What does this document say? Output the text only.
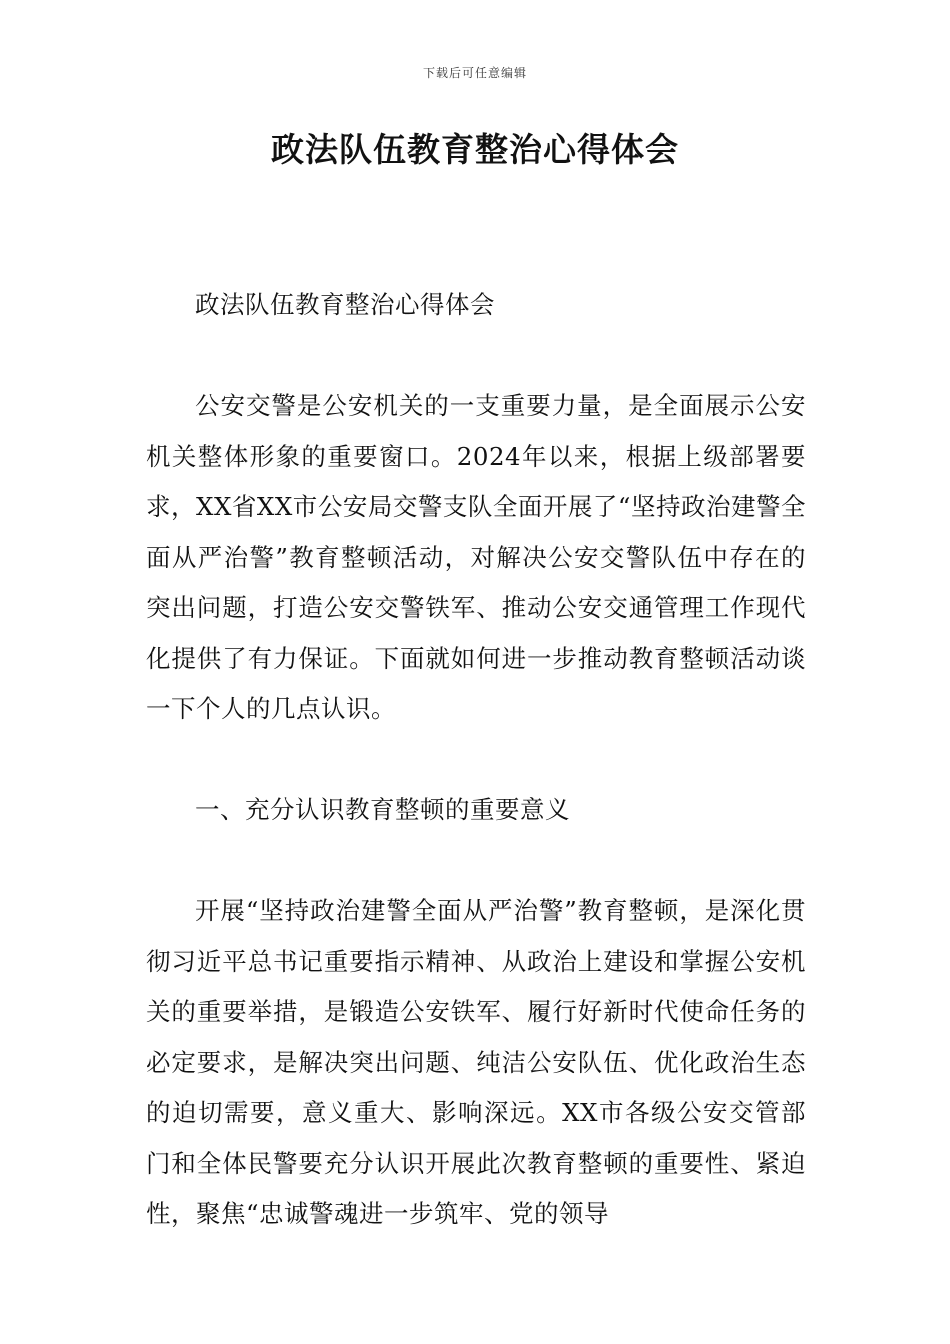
下载后可任意编辑
政法队伍教育整治心得体会

政法队伍教育整治心得体会

公安交警是公安机关的一支重要力量，是全面展示公安机关整体形象的重要窗口。2024年以来，根据上级部署要求，XX省XX市公安局交警支队全面开展了“坚持政治建警全面从严治警”教育整顿活动，对解决公安交警队伍中存在的突出问题，打造公安交警铁军、推动公安交通管理工作现代化提供了有力保证。下面就如何进一步推动教育整顿活动谈一下个人的几点认识。

一、充分认识教育整顿的重要意义

开展“坚持政治建警全面从严治警”教育整顿，是深化贯彻习近平总书记重要指示精神、从政治上建设和掌握公安机关的重要举措，是锻造公安铁军、履行好新时代使命任务的必定要求，是解决突出问题、纯洁公安队伍、优化政治生态的迫切需要，意义重大、影响深远。XX市各级公安交管部门和全体民警要充分认识开展此次教育整顿的重要性、紧迫性，聚焦“忠诚警魂进一步筑牢、党的领导
